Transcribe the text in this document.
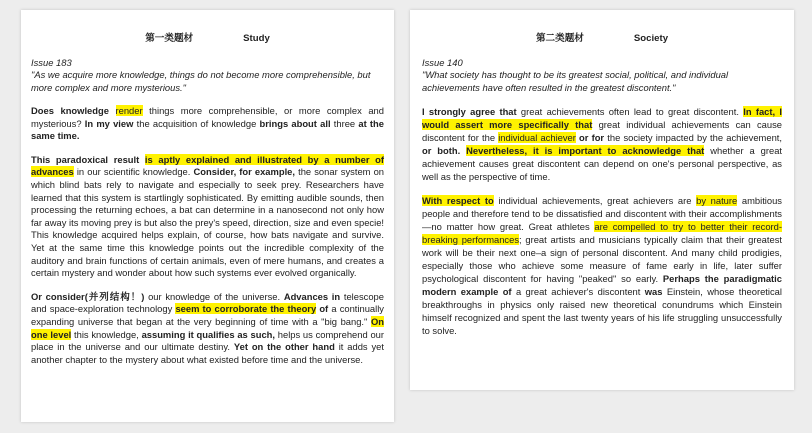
第一类题材	Study

Issue 183

"As we acquire more knowledge, things do not become more comprehensible, but more complex and more mysterious."

Does knowledge render things more comprehensible, or more complex and mysterious? In my view the acquisition of knowledge brings about all three at the same time.

This paradoxical result is aptly explained and illustrated by a number of advances in our scientific knowledge. Consider, for example, the sonar system on which blind bats rely to navigate and especially to seek prey. Researchers have learned that this system is startlingly sophisticated. By emitting audible sounds, then processing the returning echoes, a bat can determine in a nanosecond not only how far away its moving prey is but also the prey's speed, direction, size and even specie! This knowledge acquired helps explain, of course, how bats navigate and survive. Yet at the same time this knowledge points out the incredible complexity of the auditory and brain functions of certain animals, even of mere humans, and creates a certain mystery and wonder about how such systems ever evolved organically.

Or consider(并列结构！) our knowledge of the universe. Advances in telescope and space-exploration technology seem to corroborate the theory of a continually expanding universe that began at the very beginning of time with a "big bang." On one level this knowledge, assuming it qualifies as such, helps us comprehend our place in the universe and our ultimate destiny. Yet on the other hand it adds yet another chapter to the mystery about what existed before time and the universe.

第二类题材	Society

Issue 140

"What society has thought to be its greatest social, political, and individual achievements have often resulted in the greatest discontent."

I strongly agree that great achievements often lead to great discontent. In fact, I would assert more specifically that great individual achievements can cause discontent for the individual achiever or for the society impacted by the achievement, or both. Nevertheless, it is important to acknowledge that whether a great achievement causes great discontent can depend on one's personal perspective, as well as the perspective of time.

With respect to individual achievements, great achievers are by nature ambitious people and therefore tend to be dissatisfied and discontent with their accomplishments—no matter how great. Great athletes are compelled to try to better their record-breaking performances; great artists and musicians typically claim that their greatest work will be their next one–a sign of personal discontent. And many child prodigies, especially those who achieve some measure of fame early in life, later suffer psychological discontent for having "peaked" so early. Perhaps the paradigmatic modern example of a great achiever's discontent was Einstein, whose theoretical breakthroughs in physics only raised new theoretical conundrums which Einstein himself recognized and spent the last twenty years of his life struggling unsuccessfully to solve.
